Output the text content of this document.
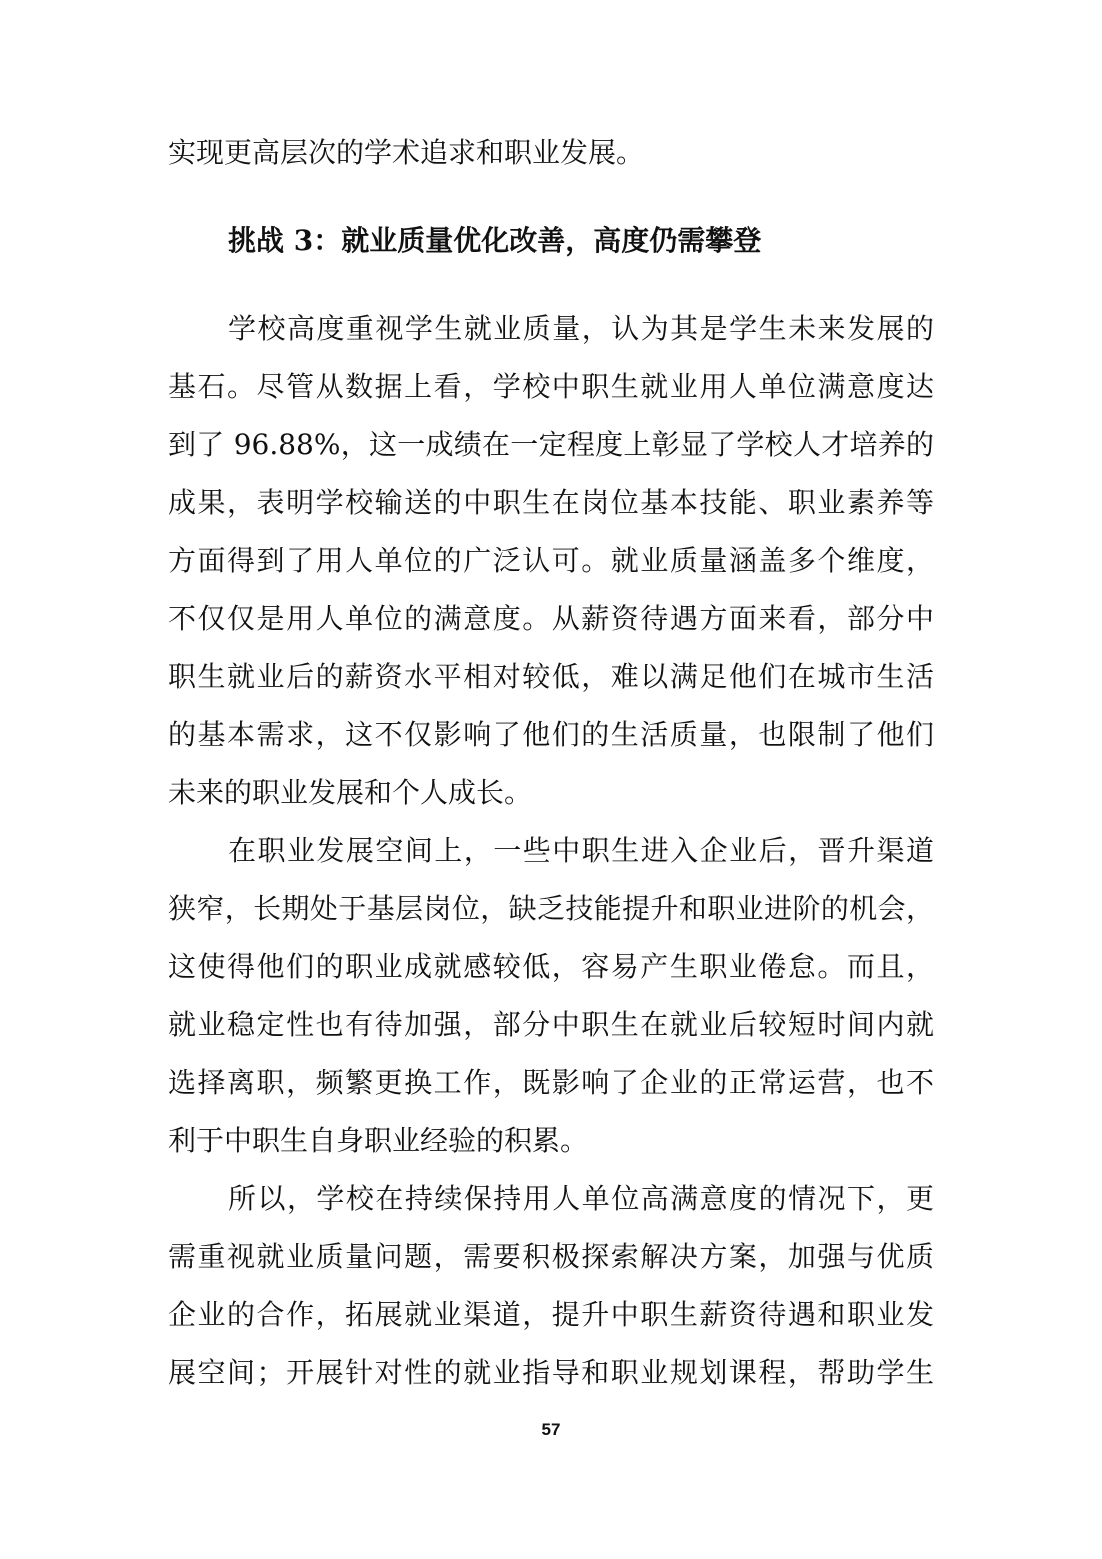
实现更高层次的学术追求和职业发展。
挑战 3：就业质量优化改善，高度仍需攀登
学校高度重视学生就业质量，认为其是学生未来发展的
基石。尽管从数据上看，学校中职生就业用人单位满意度达
到了 96.88%，这一成绩在一定程度上彰显了学校人才培养的
成果，表明学校输送的中职生在岗位基本技能、职业素养等
方面得到了用人单位的广泛认可。就业质量涵盖多个维度，
不仅仅是用人单位的满意度。从薪资待遇方面来看，部分中
职生就业后的薪资水平相对较低，难以满足他们在城市生活
的基本需求，这不仅影响了他们的生活质量，也限制了他们
未来的职业发展和个人成长。
在职业发展空间上，一些中职生进入企业后，晋升渠道
狭窄，长期处于基层岗位，缺乏技能提升和职业进阶的机会，
这使得他们的职业成就感较低，容易产生职业倦怠。而且，
就业稳定性也有待加强，部分中职生在就业后较短时间内就
选择离职，频繁更换工作，既影响了企业的正常运营，也不
利于中职生自身职业经验的积累。
所以，学校在持续保持用人单位高满意度的情况下，更
需重视就业质量问题，需要积极探索解决方案，加强与优质
企业的合作，拓展就业渠道，提升中职生薪资待遇和职业发
展空间；开展针对性的就业指导和职业规划课程，帮助学生
57
